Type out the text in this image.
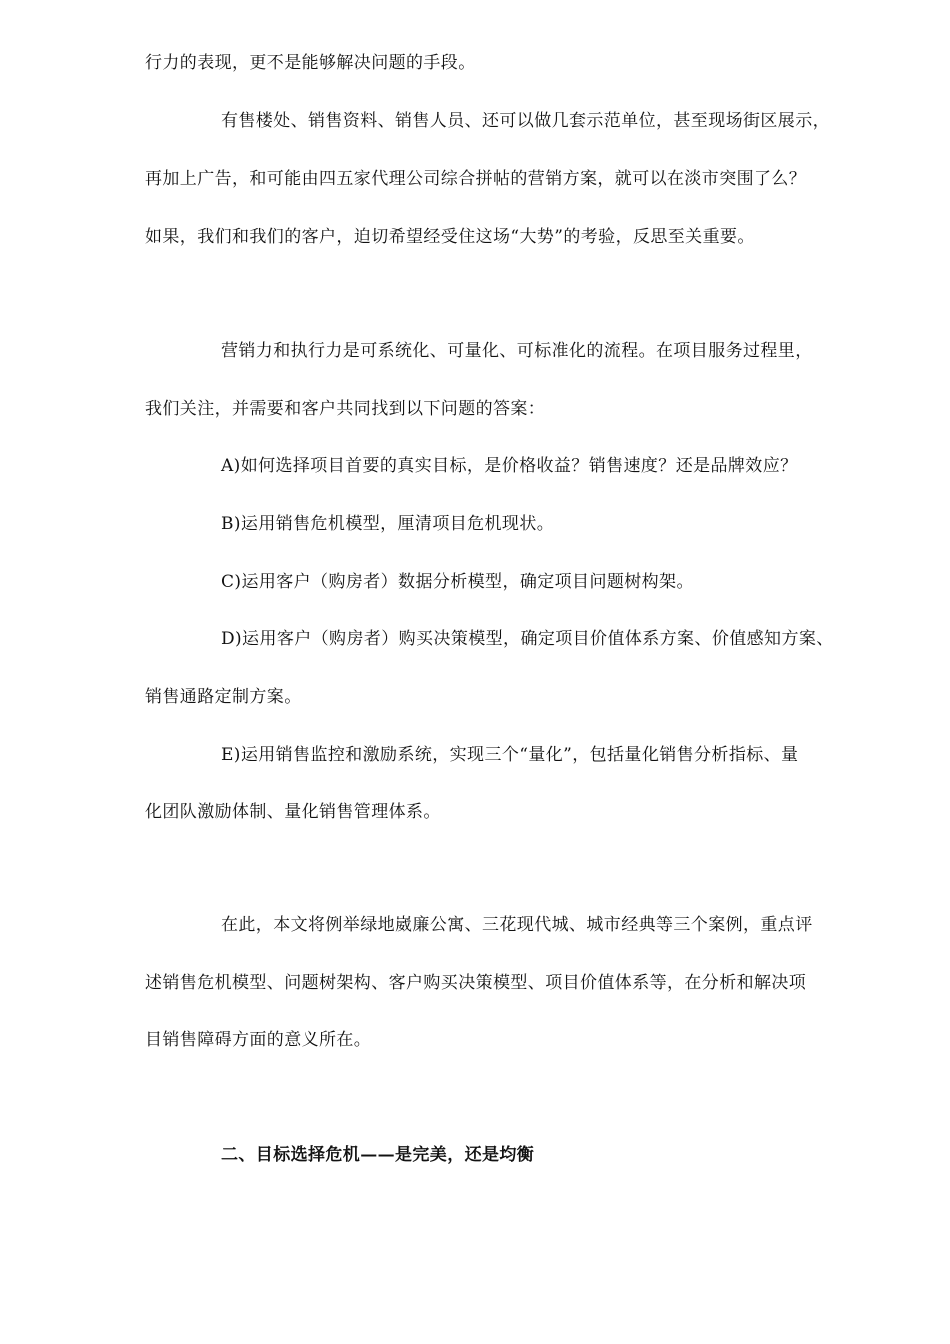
行力的表现，更不是能够解决问题的手段。
有售楼处、销售资料、销售人员、还可以做几套示范单位，甚至现场街区展示，
再加上广告，和可能由四五家代理公司综合拼帖的营销方案，就可以在淡市突围了么？
如果，我们和我们的客户，迫切希望经受住这场“大势”的考验，反思至关重要。
营销力和执行力是可系统化、可量化、可标准化的流程。在项目服务过程里，
我们关注，并需要和客户共同找到以下问题的答案：
A)如何选择项目首要的真实目标，是价格收益？销售速度？还是品牌效应？
B)运用销售危机模型，厘清项目危机现状。
C)运用客户（购房者）数据分析模型，确定项目问题树构架。
D)运用客户（购房者）购买决策模型，确定项目价值体系方案、价值感知方案、
销售通路定制方案。
E)运用销售监控和激励系统，实现三个“量化”，包括量化销售分析指标、量
化团队激励体制、量化销售管理体系。
在此，本文将例举绿地崴廉公寓、三花现代城、城市经典等三个案例，重点评
述销售危机模型、问题树架构、客户购买决策模型、项目价值体系等，在分析和解决项
目销售障碍方面的意义所在。
二、目标选择危机——是完美，还是均衡
